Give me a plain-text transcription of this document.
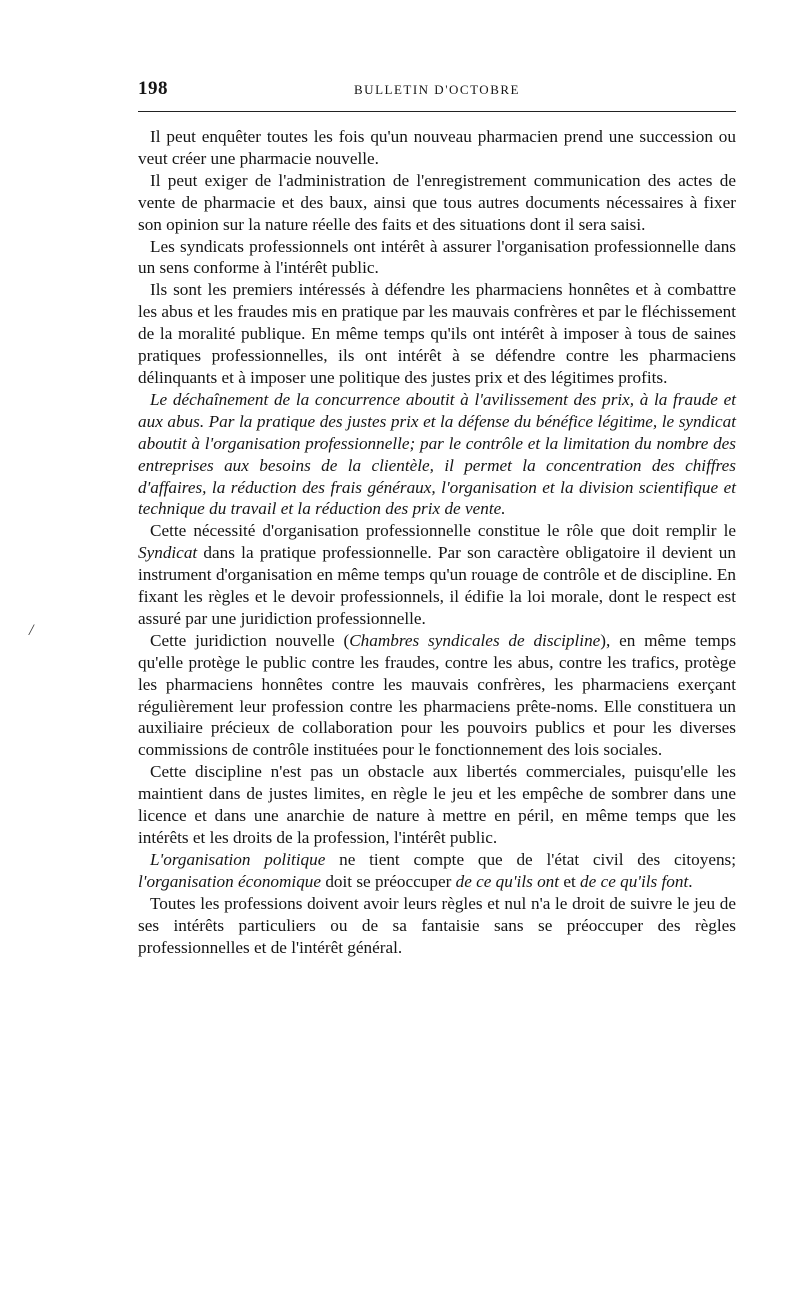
198	BULLETIN D'OCTOBRE
/

Il peut enquêter toutes les fois qu'un nouveau pharmacien prend une succession ou veut créer une pharmacie nouvelle.

Il peut exiger de l'administration de l'enregistrement communication des actes de vente de pharmacie et des baux, ainsi que tous autres documents nécessaires à fixer son opinion sur la nature réelle des faits et des situations dont il sera saisi.

Les syndicats professionnels ont intérêt à assurer l'organisation professionnelle dans un sens conforme à l'intérêt public.

Ils sont les premiers intéressés à défendre les pharmaciens honnêtes et à combattre les abus et les fraudes mis en pratique par les mauvais confrères et par le fléchissement de la moralité publique. En même temps qu'ils ont intérêt à imposer à tous de saines pratiques professionnelles, ils ont intérêt à se défendre contre les pharmaciens délinquants et à imposer une politique des justes prix et des légitimes profits.

Le déchaînement de la concurrence aboutit à l'avilissement des prix, à la fraude et aux abus. Par la pratique des justes prix et la défense du bénéfice légitime, le syndicat aboutit à l'organisation professionnelle; par le contrôle et la limitation du nombre des entreprises aux besoins de la clientèle, il permet la concentration des chiffres d'affaires, la réduction des frais généraux, l'organisation et la division scientifique et technique du travail et la réduction des prix de vente.

Cette nécessité d'organisation professionnelle constitue le rôle que doit remplir le Syndicat dans la pratique professionnelle. Par son caractère obligatoire il devient un instrument d'organisation en même temps qu'un rouage de contrôle et de discipline. En fixant les règles et le devoir professionnels, il édifie la loi morale, dont le respect est assuré par une juridiction professionnelle.

Cette juridiction nouvelle (Chambres syndicales de discipline), en même temps qu'elle protège le public contre les fraudes, contre les abus, contre les trafics, protège les pharmaciens honnêtes contre les mauvais confrères, les pharmaciens exerçant régulièrement leur profession contre les pharmaciens prête-noms. Elle constituera un auxiliaire précieux de collaboration pour les pouvoirs publics et pour les diverses commissions de contrôle instituées pour le fonctionnement des lois sociales.

Cette discipline n'est pas un obstacle aux libertés commerciales, puisqu'elle les maintient dans de justes limites, en règle le jeu et les empêche de sombrer dans une licence et dans une anarchie de nature à mettre en péril, en même temps que les intérêts et les droits de la profession, l'intérêt public.

L'organisation politique ne tient compte que de l'état civil des citoyens; l'organisation économique doit se préoccuper de ce qu'ils ont et de ce qu'ils font.

Toutes les professions doivent avoir leurs règles et nul n'a le droit de suivre le jeu de ses intérêts particuliers ou de sa fantaisie sans se préoccuper des règles professionnelles et de l'intérêt général.
